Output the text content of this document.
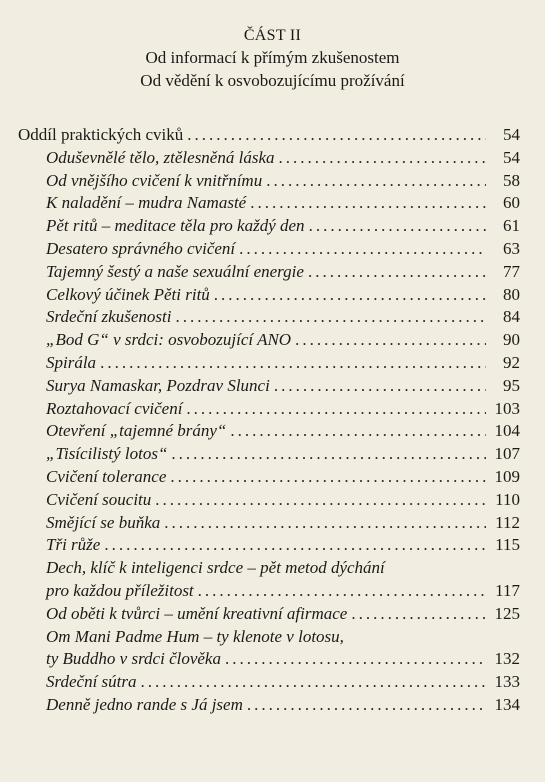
ČÁST II
Od informací k přímým zkušenostem
Od vědění k osvobozujícímu prožívání
Oddíl praktických cviků .....	54
Oduševnělé tělo, ztělesněná láska .....	54
Od vnějšího cvičení k vnitřnímu .....	58
K naladění – mudra Namasté .....	60
Pět ritů – meditace těla pro každý den .....	61
Desatero správného cvičení .....	63
Tajemný šestý a naše sexuální energie .....	77
Celkový účinek Pěti ritů .....	80
Srdeční zkušenosti .....	84
„Bod G“ v srdci: osvobozující ANO .....	90
Spirála .....	92
Surya Namaskar, Pozdrav Slunci .....	95
Roztahovací cvičení .....	103
Otevření „tajemné brány“ .....	104
„Tisícilistý lotos“ .....	107
Cvičení tolerance .....	109
Cvičení soucitu .....	110
Smějící se buňka .....	112
Tři růže .....	115
Dech, klíč k inteligenci srdce – pět metod dýchání
pro každou příležitost .....	117
Od oběti k tvůrci – umění kreativní afirmace .....	125
Om Mani Padme Hum – ty klenote v lotosu,
ty Buddho v srdci člověka .....	132
Srdeční sútra .....	133
Denně jedno rande s Já jsem .....	134
